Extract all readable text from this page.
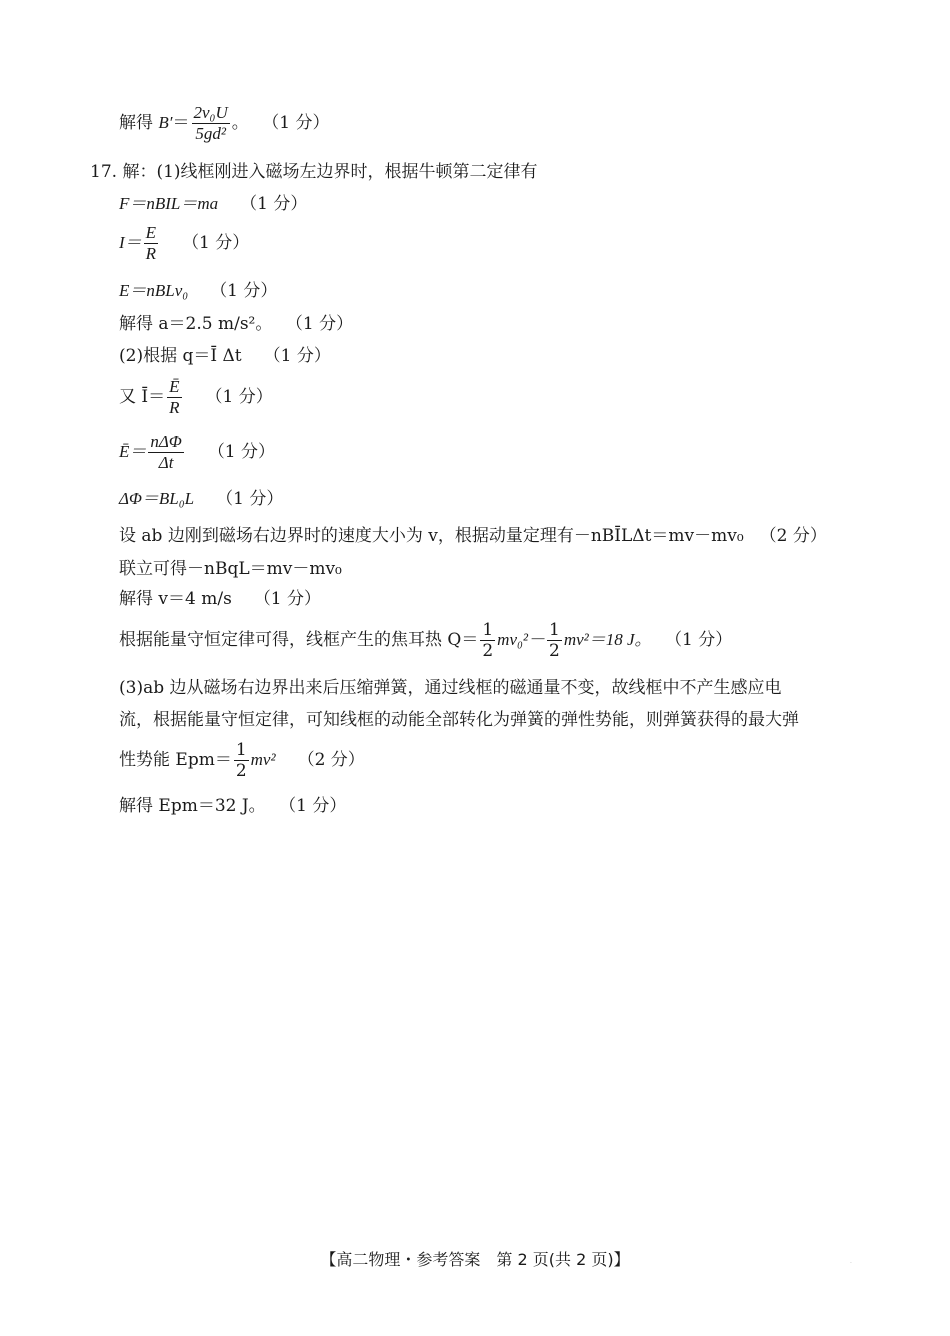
解得 $B'= \frac{\text{2v₀U}}{\text{5gd²}}$ 。 （1 分）
17. 解：(1)线框刚进入磁场左边界时，根据牛顿第二定律有
F＝nBIL＝ma （1 分）
$I= \frac{E}{R} (1$ 分）
E＝nBLv₀ （1 分）
解得 a＝2.5 m/s²。 （1 分）
(2)根据 q＝Ī Δt （1 分）
又 Ī＝ $\frac{Ē}{R} (1$ 分）
Ē＝ $\frac{\text{nΔΦ}}{\Delta t} (1$ 分）
ΔΦ＝BL₀L （1 分）
设 ab 边刚到磁场右边界时的速度大小为 v，根据动量定理有－nBĪLΔt＝mv－mv₀ （2 分）
联立可得－nBqL＝mv－mv₀
解得 v＝4 m/s （1 分）
根据能量守恒定律可得，线框产生的焦耳热 $Q= \frac{1}{2} mv_0^2- \frac{1}{2} mv^2=18$ J。 （1 分）
(3)ab 边从磁场右边界出来后压缩弹簧，通过线框的磁通量不变，故线框中不产生感应电
流，根据能量守恒定律，可知线框的动能全部转化为弹簧的弹性势能，则弹簧获得的最大弹
性势能 $Epm= \frac{1}{2} mv^2$ （2 分）
解得 Epm＝32 J。 （1 分）
【高二物理・参考答案　第 2 页(共 2 页)】	·
